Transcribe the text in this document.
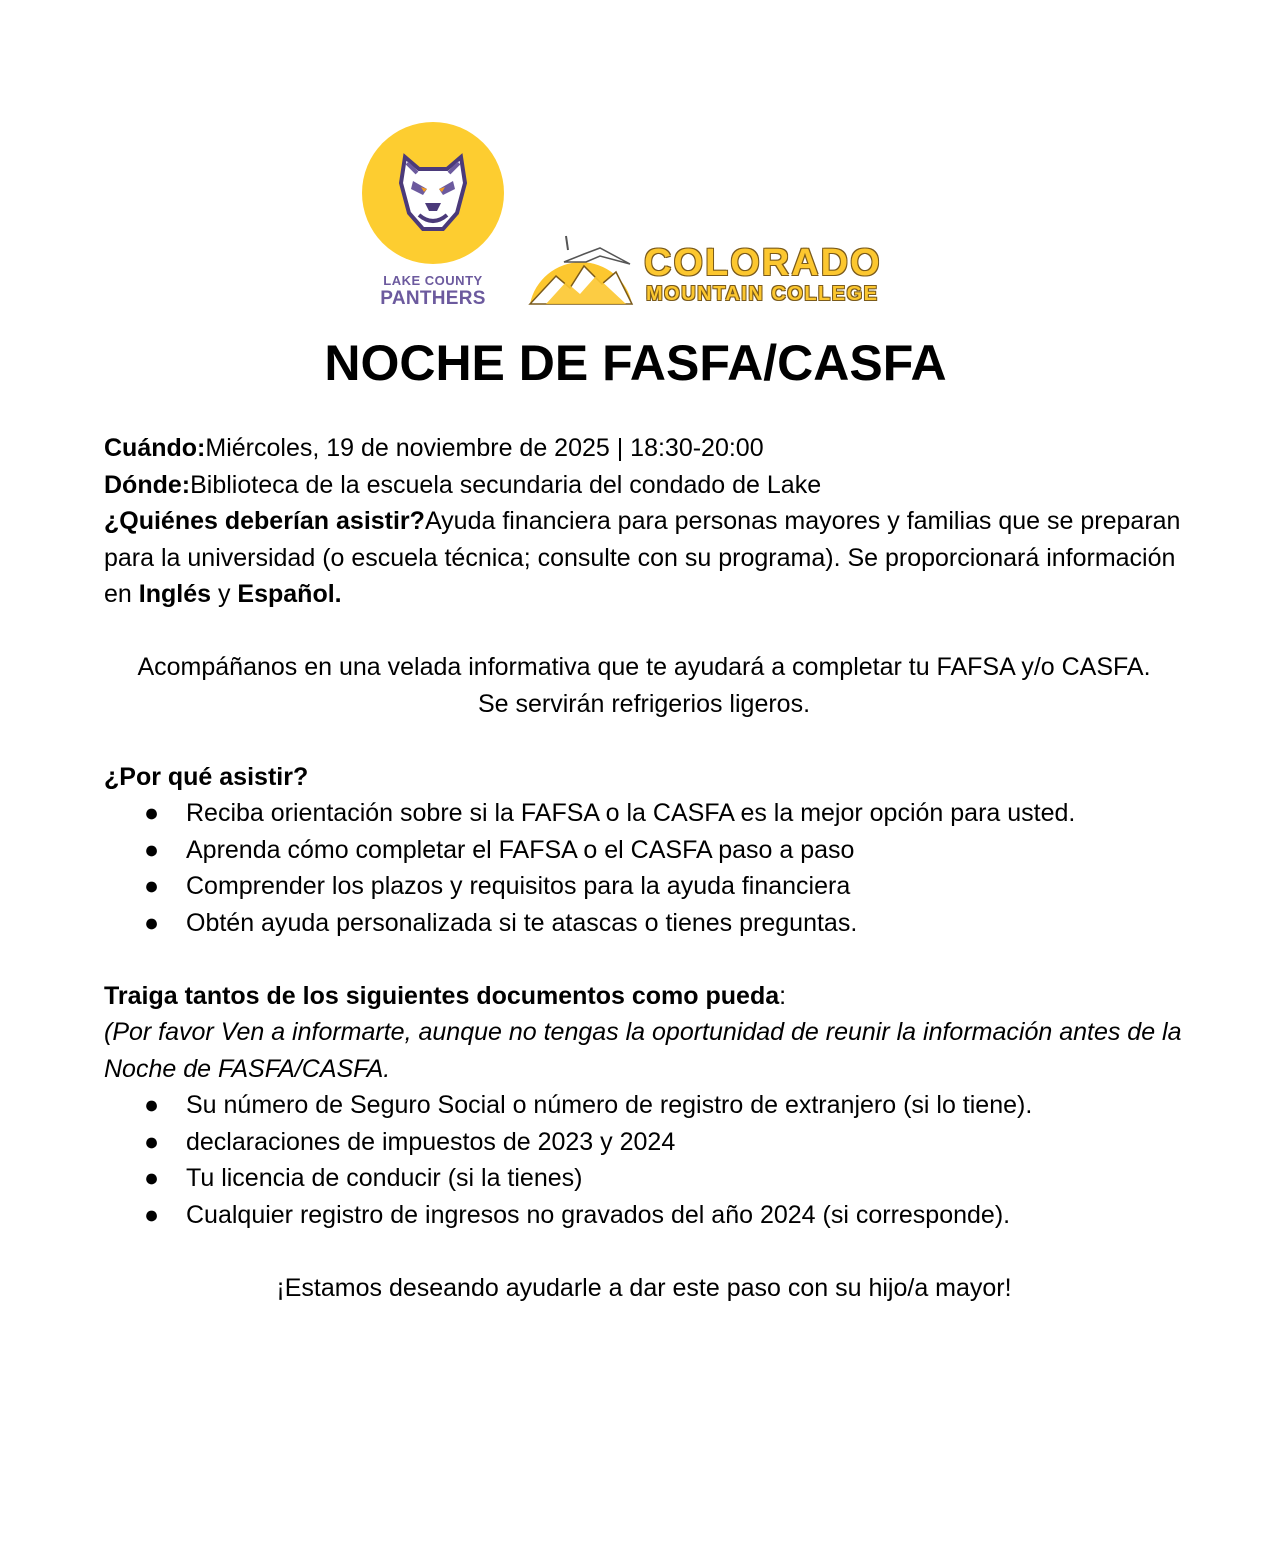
LAKE COUNTY
PANTHERS
COLORADO
MOUNTAIN COLLEGE
NOCHE DE FASFA/CASFA

Cuándo:Miércoles, 19 de noviembre de 2025 | 18:30-20:00

Dónde:Biblioteca de la escuela secundaria del condado de Lake

¿Quiénes deberían asistir?Ayuda financiera para personas mayores y familias que se preparan para la universidad (o escuela técnica; consulte con su programa). Se proporcionará información en Inglés y Español.

Acompáñanos en una velada informativa que te ayudará a completar tu FAFSA y/o CASFA.

Se servirán refrigerios ligeros.

¿Por qué asistir?

● Reciba orientación sobre si la FAFSA o la CASFA es la mejor opción para usted.
● Aprenda cómo completar el FAFSA o el CASFA paso a paso
● Comprender los plazos y requisitos para la ayuda financiera
● Obtén ayuda personalizada si te atascas o tienes preguntas.

Traiga tantos de los siguientes documentos como pueda:

(Por favor Ven a informarte, aunque no tengas la oportunidad de reunir la información antes de la Noche de FASFA/CASFA.

● Su número de Seguro Social o número de registro de extranjero (si lo tiene).
● declaraciones de impuestos de 2023 y 2024
● Tu licencia de conducir (si la tienes)
● Cualquier registro de ingresos no gravados del año 2024 (si corresponde).

¡Estamos deseando ayudarle a dar este paso con su hijo/a mayor!
